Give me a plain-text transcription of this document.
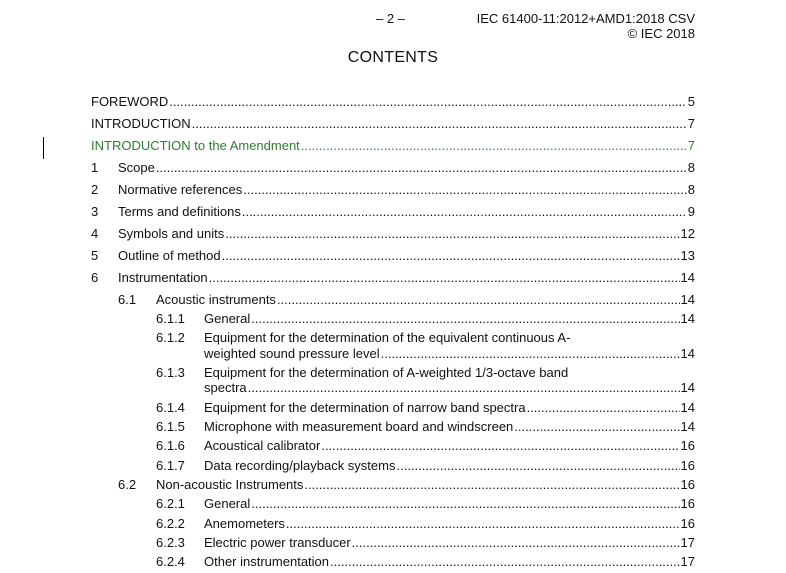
– 2 –	IEC 61400-11:2012+AMD1:2018 CSV
© IEC 2018
CONTENTS
FOREWORD .....	5
INTRODUCTION .....	7
INTRODUCTION to the Amendment .....	7
1 Scope .....	8
2 Normative references .....	8
3 Terms and definitions .....	9
4 Symbols and units .....	12
5 Outline of method .....	13
6 Instrumentation .....	14
6.1 Acoustic instruments .....	14
6.1.1 General .....	14
6.1.2 Equipment for the determination of the equivalent continuous A-
weighted sound pressure level .....	14
6.1.3 Equipment for the determination of A-weighted 1/3-octave band
spectra .....	14
6.1.4 Equipment for the determination of narrow band spectra .....	14
6.1.5 Microphone with measurement board and windscreen .....	14
6.1.6 Acoustical calibrator .....	16
6.1.7 Data recording/playback systems .....	16
6.2 Non-acoustic Instruments .....	16
6.2.1 General .....	16
6.2.2 Anemometers .....	16
6.2.3 Electric power transducer .....	17
6.2.4 Other instrumentation .....	17
